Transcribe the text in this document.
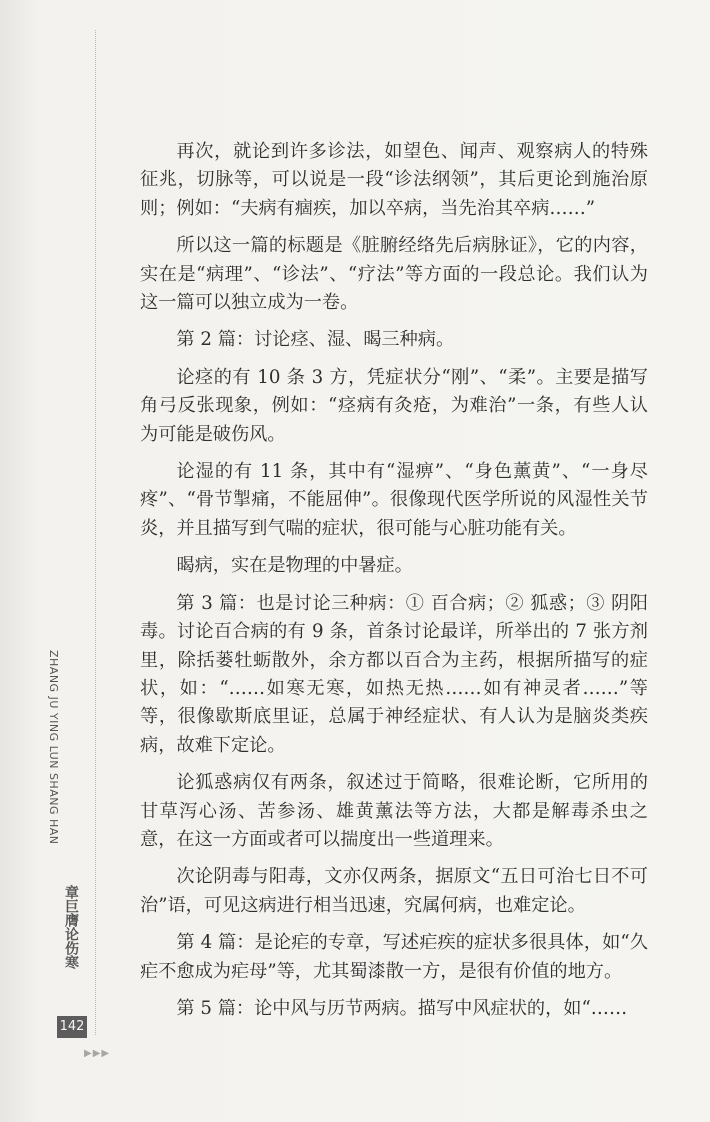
ZHANG JU YING LUN SHANG HAN
章巨膺论伤寒
142
▶▶▶

再次，就论到许多诊法，如望色、闻声、观察病人的特殊征兆，切脉等，可以说是一段“诊法纲领”，其后更论到施治原则；例如：“夫病有痼疾，加以卒病，当先治其卒病……”

所以这一篇的标题是《脏腑经络先后病脉证》，它的内容，实在是“病理”、“诊法”、“疗法”等方面的一段总论。我们认为这一篇可以独立成为一卷。

第 2 篇：讨论痉、湿、暍三种病。

论痉的有 10 条 3 方，凭症状分“刚”、“柔”。主要是描写角弓反张现象，例如：“痉病有灸疮，为难治”一条，有些人认为可能是破伤风。

论湿的有 11 条，其中有“湿痹”、“身色薰黄”、“一身尽疼”、“骨节掣痛，不能屈伸”。很像现代医学所说的风湿性关节炎，并且描写到气喘的症状，很可能与心脏功能有关。

暍病，实在是物理的中暑症。

第 3 篇：也是讨论三种病：① 百合病；② 狐惑；③ 阴阳毒。讨论百合病的有 9 条，首条讨论最详，所举出的 7 张方剂里，除括蒌牡蛎散外，余方都以百合为主药，根据所描写的症状，如：“……如寒无寒，如热无热……如有神灵者……”等等，很像歇斯底里证，总属于神经症状、有人认为是脑炎类疾病，故难下定论。

论狐惑病仅有两条，叙述过于简略，很难论断，它所用的甘草泻心汤、苦参汤、雄黄薰法等方法，大都是解毒杀虫之意，在这一方面或者可以揣度出一些道理来。

次论阴毒与阳毒，文亦仅两条，据原文“五日可治七日不可治”语，可见这病进行相当迅速，究属何病，也难定论。

第 4 篇：是论疟的专章，写述疟疾的症状多很具体，如“久疟不愈成为疟母”等，尤其蜀漆散一方，是很有价值的地方。

第 5 篇：论中风与历节两病。描写中风症状的，如“……
